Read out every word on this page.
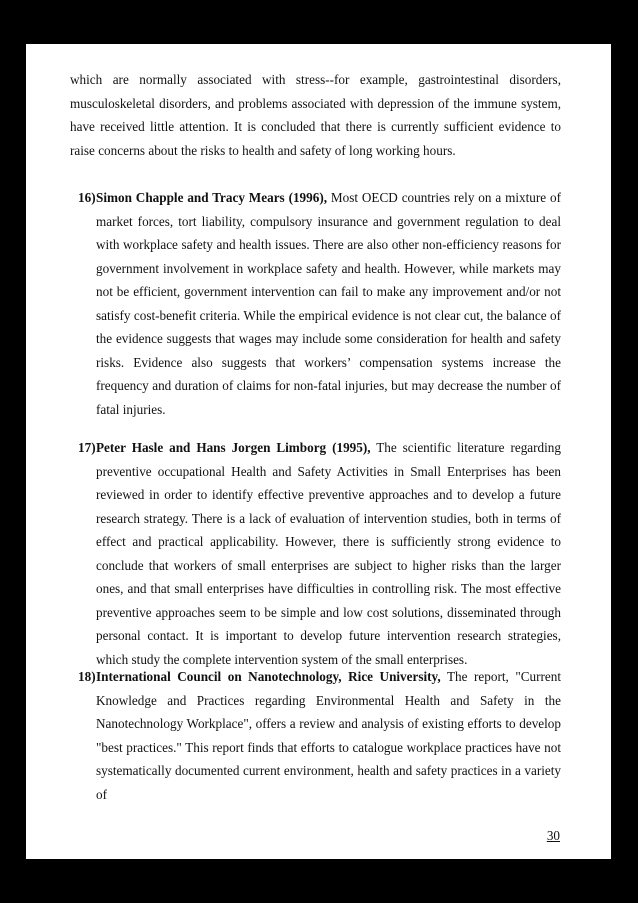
which are normally associated with stress--for example, gastrointestinal disorders, musculoskeletal disorders, and problems associated with depression of the immune system, have received little attention. It is concluded that there is currently sufficient evidence to raise concerns about the risks to health and safety of long working hours.
16) Simon Chapple and Tracy Mears (1996), Most OECD countries rely on a mixture of market forces, tort liability, compulsory insurance and government regulation to deal with workplace safety and health issues. There are also other non-efficiency reasons for government involvement in workplace safety and health. However, while markets may not be efficient, government intervention can fail to make any improvement and/or not satisfy cost-benefit criteria. While the empirical evidence is not clear cut, the balance of the evidence suggests that wages may include some consideration for health and safety risks. Evidence also suggests that workers’ compensation systems increase the frequency and duration of claims for non-fatal injuries, but may decrease the number of fatal injuries.
17) Peter Hasle and Hans Jorgen Limborg (1995), The scientific literature regarding preventive occupational Health and Safety Activities in Small Enterprises has been reviewed in order to identify effective preventive approaches and to develop a future research strategy. There is a lack of evaluation of intervention studies, both in terms of effect and practical applicability. However, there is sufficiently strong evidence to conclude that workers of small enterprises are subject to higher risks than the larger ones, and that small enterprises have difficulties in controlling risk. The most effective preventive approaches seem to be simple and low cost solutions, disseminated through personal contact. It is important to develop future intervention research strategies, which study the complete intervention system of the small enterprises.
18) International Council on Nanotechnology, Rice University, The report, "Current Knowledge and Practices regarding Environmental Health and Safety in the Nanotechnology Workplace", offers a review and analysis of existing efforts to develop "best practices." This report finds that efforts to catalogue workplace practices have not systematically documented current environment, health and safety practices in a variety of
30
